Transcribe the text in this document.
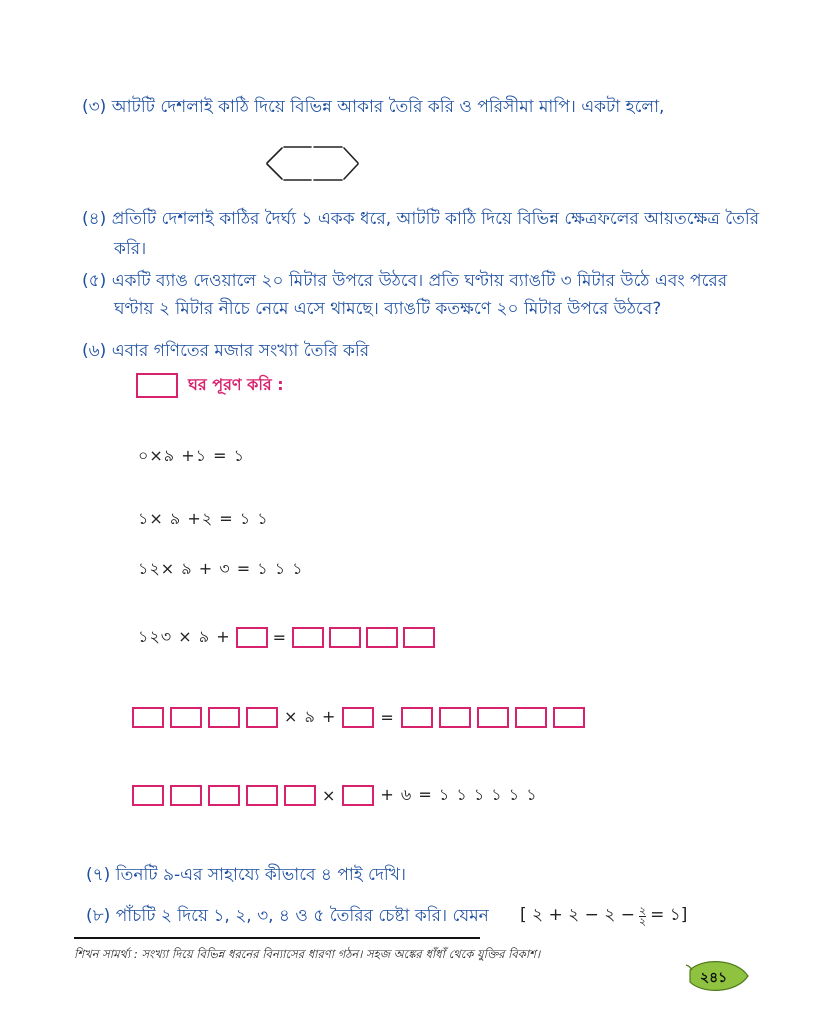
(৩) আটটি দেশলাই কাঠি দিয়ে বিভিন্ন আকার তৈরি করি ও পরিসীমা মাপি। একটা হলো,
(৪) প্রতিটি দেশলাই কাঠির দৈর্ঘ্য ১ একক ধরে, আটটি কাঠি দিয়ে বিভিন্ন ক্ষেত্রফলের আয়তক্ষেত্র তৈরি
করি।
(৫) একটি ব্যাঙ দেওয়ালে ২০ মিটার উপরে উঠবে। প্রতি ঘণ্টায় ব্যাঙটি ৩ মিটার উঠে এবং পরের
ঘণ্টায় ২ মিটার নীচে নেমে এসে থামছে। ব্যাঙটি কতক্ষণে ২০ মিটার উপরে উঠবে?
(৬) এবার গণিতের মজার সংখ্যা তৈরি করি
ঘর পূরণ করি :
০×৯ +১ = ১
১× ৯ +২ = ১ ১
১২× ৯ + ৩ = ১ ১ ১
১২৩ × ৯ +	=
× ৯ +	=
×	+ ৬ = ১ ১ ১ ১ ১ ১
(৭) তিনটি ৯-এর সাহায্যে কীভাবে ৪ পাই দেখি।
(৮) পাঁচটি ২ দিয়ে ১, ২, ৩, ৪ ও ৫ তৈরির চেষ্টা করি। যেমন [ ২ + ২ − ২ − $\frac{২}{২}$ = ১]
শিখন সামর্থ্য : সংখ্যা দিয়ে বিভিন্ন ধরনের বিন্যাসের ধারণা গঠন। সহজ অঙ্কের ধাঁধাঁ থেকে যুক্তির বিকাশ।
২৪১
